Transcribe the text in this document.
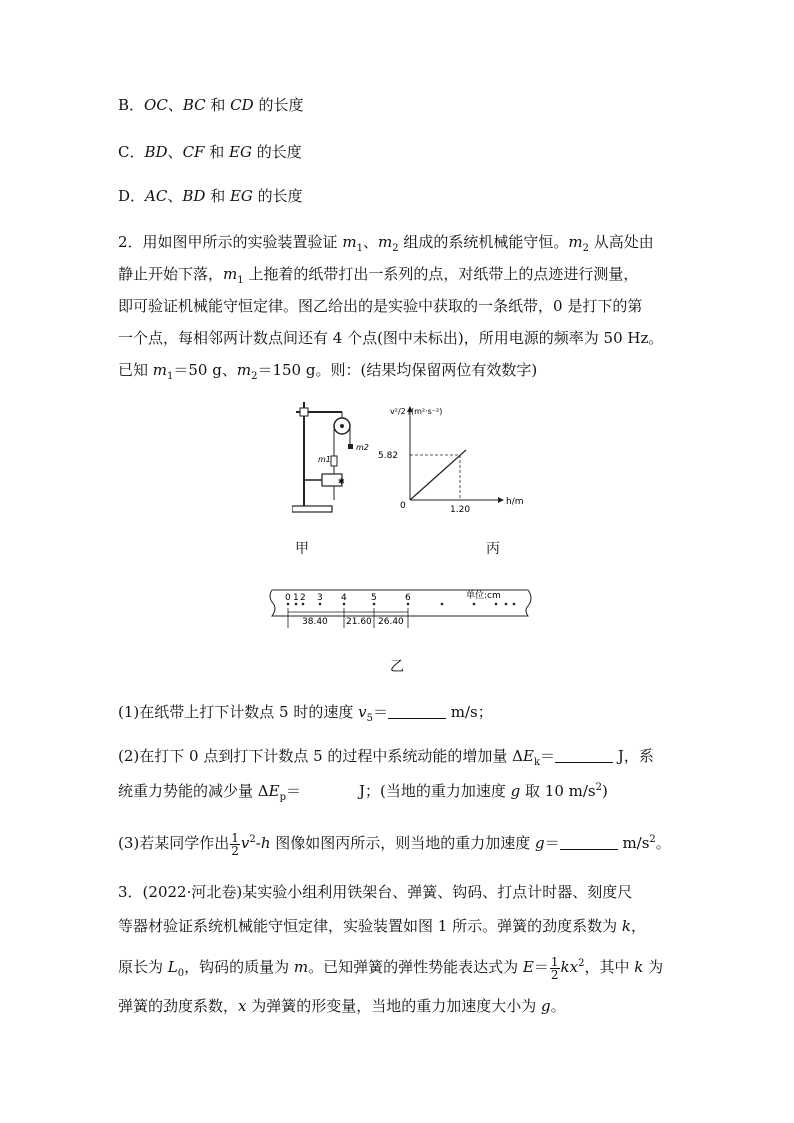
B．OC、BC 和 CD 的长度
C．BD、CF 和 EG 的长度
D．AC、BD 和 EG 的长度
2．用如图甲所示的实验装置验证 $m_1$、$m_2$ 组成的系统机械能守恒。$m_2$ 从高处由
静止开始下落，$m_1$ 上拖着的纸带打出一系列的点，对纸带上的点迹进行测量，
即可验证机械能守恒定律。图乙给出的是实验中获取的一条纸带，0 是打下的第
一个点，每相邻两计数点间还有 4 个点(图中未标出)，所用电源的频率为 50 Hz。
已知 $m_1=50$ g、$m_2=150$ g。则：(结果均保留两位有效数字)
✱
m2
m1
v²/2 /(m²·s⁻²)
h/m
0
5.82
1.20
甲	丙
0 1 2 3 4	5	6	单位:cm
38.40 21.60 26.40
乙
(1)在纸带上打下计数点 5 时的速度 $v_5=$	m/s；
(2)在打下 0 点到打下计数点 5 的过程中系统动能的增加量 $\Delta E_k=$	J，系
统重力势能的减少量 $\Delta E_p=$	J；(当地的重力加速度 g 取 10 $m/s^2$)
(3)若某同学作出 $\frac{1}{2} v^2-h$ 图像如图丙所示，则当地的重力加速度 g＝	$m/s^2$。
3．(2022·河北卷)某实验小组利用铁架台、弹簧、钩码、打点计时器、刻度尺
等器材验证系统机械能守恒定律，实验装置如图 1 所示。弹簧的劲度系数为 k，
原长为 $L_0$，钩码的质量为 m。已知弹簧的弹性势能表达式为 $E= \frac{1}{2} kx^2$，其中 k 为
弹簧的劲度系数，x 为弹簧的形变量，当地的重力加速度大小为 g。
